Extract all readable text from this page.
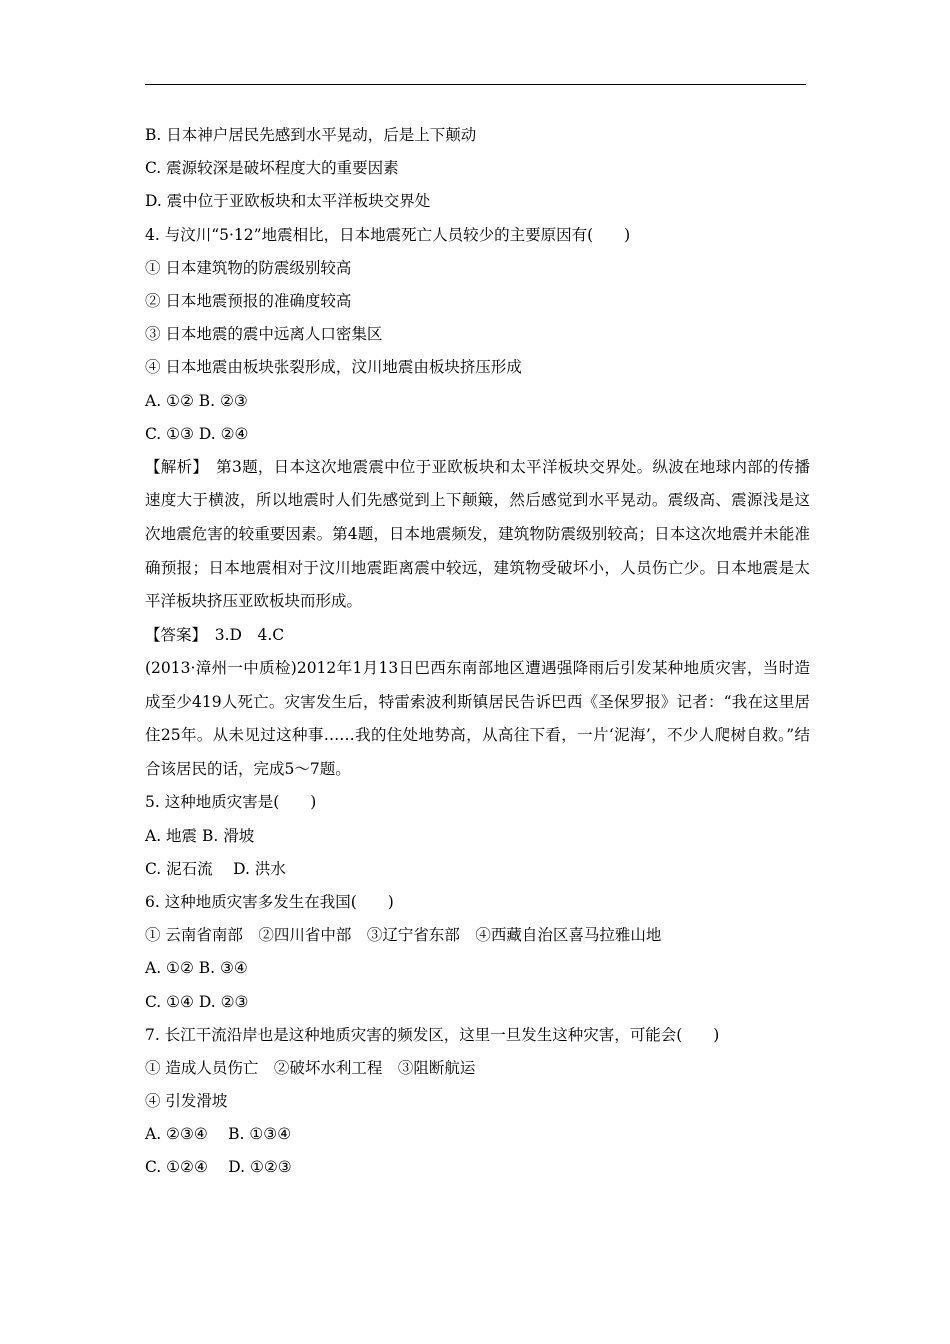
B. 日本神户居民先感到水平晃动，后是上下颠动
C. 震源较深是破坏程度大的重要因素
D. 震中位于亚欧板块和太平洋板块交界处
4. 与汶川“5·12”地震相比，日本地震死亡人员较少的主要原因有(　　)
① 日本建筑物的防震级别较高
② 日本地震预报的准确度较高
③ 日本地震的震中远离人口密集区
④ 日本地震由板块张裂形成，汶川地震由板块挤压形成
A. ①② B. ②③
C. ①③ D. ②④
【解析】　第3题，日本这次地震震中位于亚欧板块和太平洋板块交界处。纵波在地球内部的传播速度大于横波，所以地震时人们先感觉到上下颠簸，然后感觉到水平晃动。震级高、震源浅是这次地震危害的较重要因素。第4题，日本地震频发，建筑物防震级别较高；日本这次地震并未能准确预报；日本地震相对于汶川地震距离震中较远，建筑物受破坏小，人员伤亡少。日本地震是太平洋板块挤压亚欧板块而形成。
【答案】　3.D　4.C
(2013·漳州一中质检)2012年1月13日巴西东南部地区遭遇强降雨后引发某种地质灾害，当时造成至少419人死亡。灾害发生后，特雷索波利斯镇居民告诉巴西《圣保罗报》记者：“我在这里居住25年。从未见过这种事……我的住处地势高，从高往下看，一片‘泥海’，不少人爬树自救。”结合该居民的话，完成5～7题。
5. 这种地质灾害是(　　)
A. 地震 B. 滑坡
C. 泥石流　 D. 洪水
6. 这种地质灾害多发生在我国(　　)
① 云南省南部　②四川省中部　③辽宁省东部　④西藏自治区喜马拉雅山地
A. ①② B. ③④
C. ①④ D. ②③
7. 长江干流沿岸也是这种地质灾害的频发区，这里一旦发生这种灾害，可能会(　　)
① 造成人员伤亡　②破坏水利工程　③阻断航运
④ 引发滑坡
A. ②③④　 B. ①③④
C. ①②④　 D. ①②③
